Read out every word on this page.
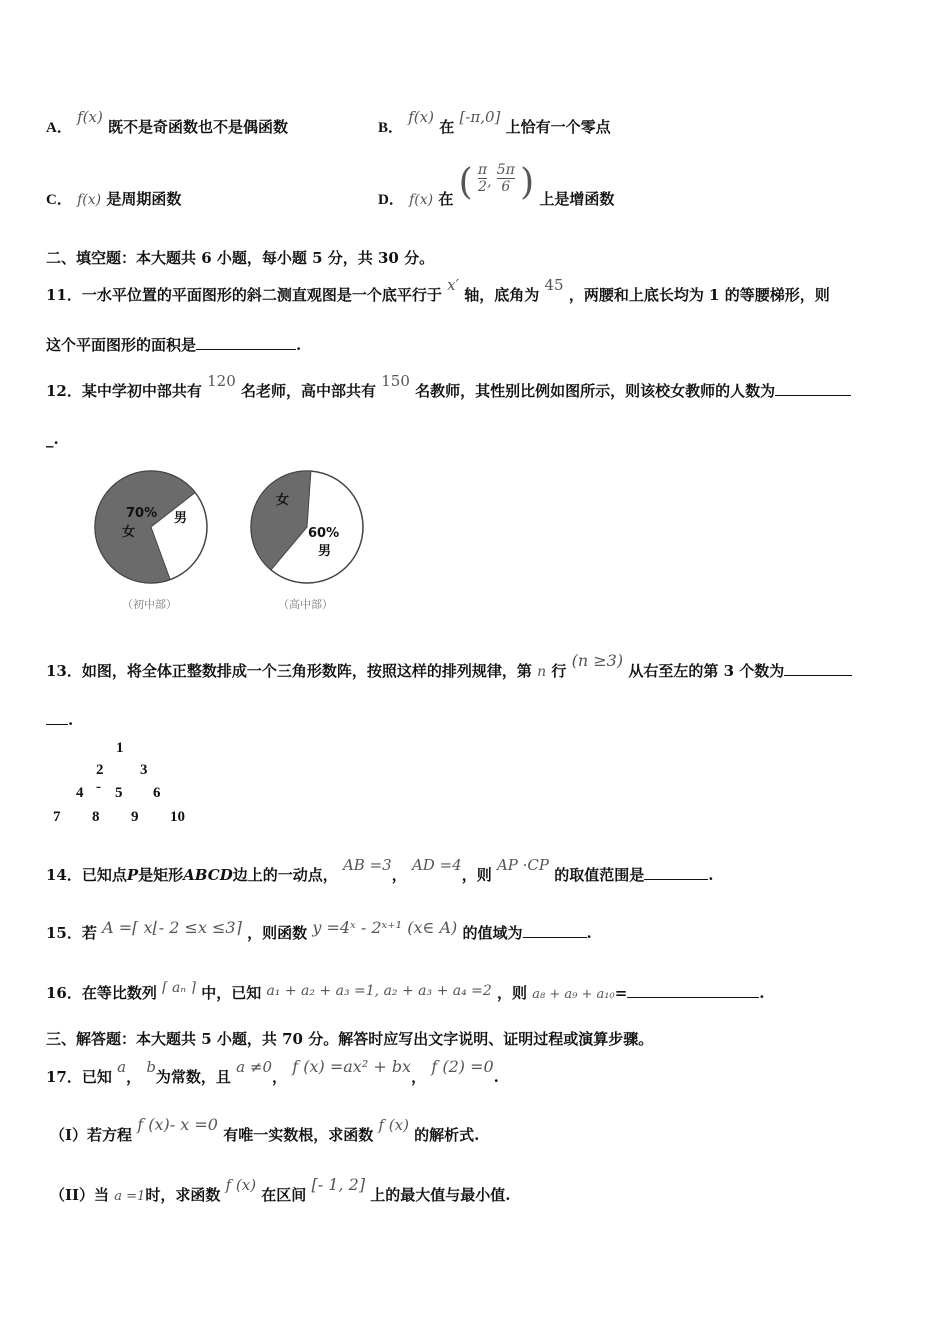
A． f(x) 既不是奇函数也不是偶函数	B． f(x) 在 [-π,0] 上恰有一个零点
C． f(x) 是周期函数	D． f(x) 在 ( $\frac{\pi}{2}$ , $\frac{5\pi}{6}$ ) 上是增函数
二、填空题：本大题共 6 小题，每小题 5 分，共 30 分。
11．一水平位置的平面图形的斜二测直观图是一个底平行于 x′ 轴，底角为 45 ，两腰和上底长均为 1 的等腰梯形，则
这个平面图形的面积是	.
12．某中学初中部共有 120 名老师，高中部共有 150 名教师，其性别比例如图所示，则该校女教师的人数为
_.
70%
女
男
（初中部）
女
60%
男
（高中部）
13．如图，将全体正整数排成一个三角形数阵，按照这样的排列规律，第 n 行 (n ≥3) 从右至左的第 3 个数为
.
1
2 3
4 - 5 6
7 8 9 10
14．已知点P是矩形ABCD边上的一动点， AB =3， AD =4，则 AP ·CP 的取值范围是	.
15．若 A =⌈ x⌊- 2 ≤x ≤3⌉ ，则函数 y =4ˣ - 2ˣ⁺¹ (x∈ A) 的值域为	.
16．在等比数列 ⌈ aₙ ⌉ 中，已知 a₁ + a₂ + a₃ =1, a₂ + a₃ + a₄ =2 ，则 a₈ + a₉ + a₁₀=	.
三、解答题：本大题共 5 小题，共 70 分。解答时应写出文字说明、证明过程或演算步骤。
17．已知 a， b为常数，且 a ≠0， f (x) =ax² + bx， f (2) =0.
（I）若方程 f (x)- x =0 有唯一实数根，求函数 f (x) 的解析式.
（II）当 a =1时，求函数 f (x) 在区间 [- 1, 2] 上的最大值与最小值.
